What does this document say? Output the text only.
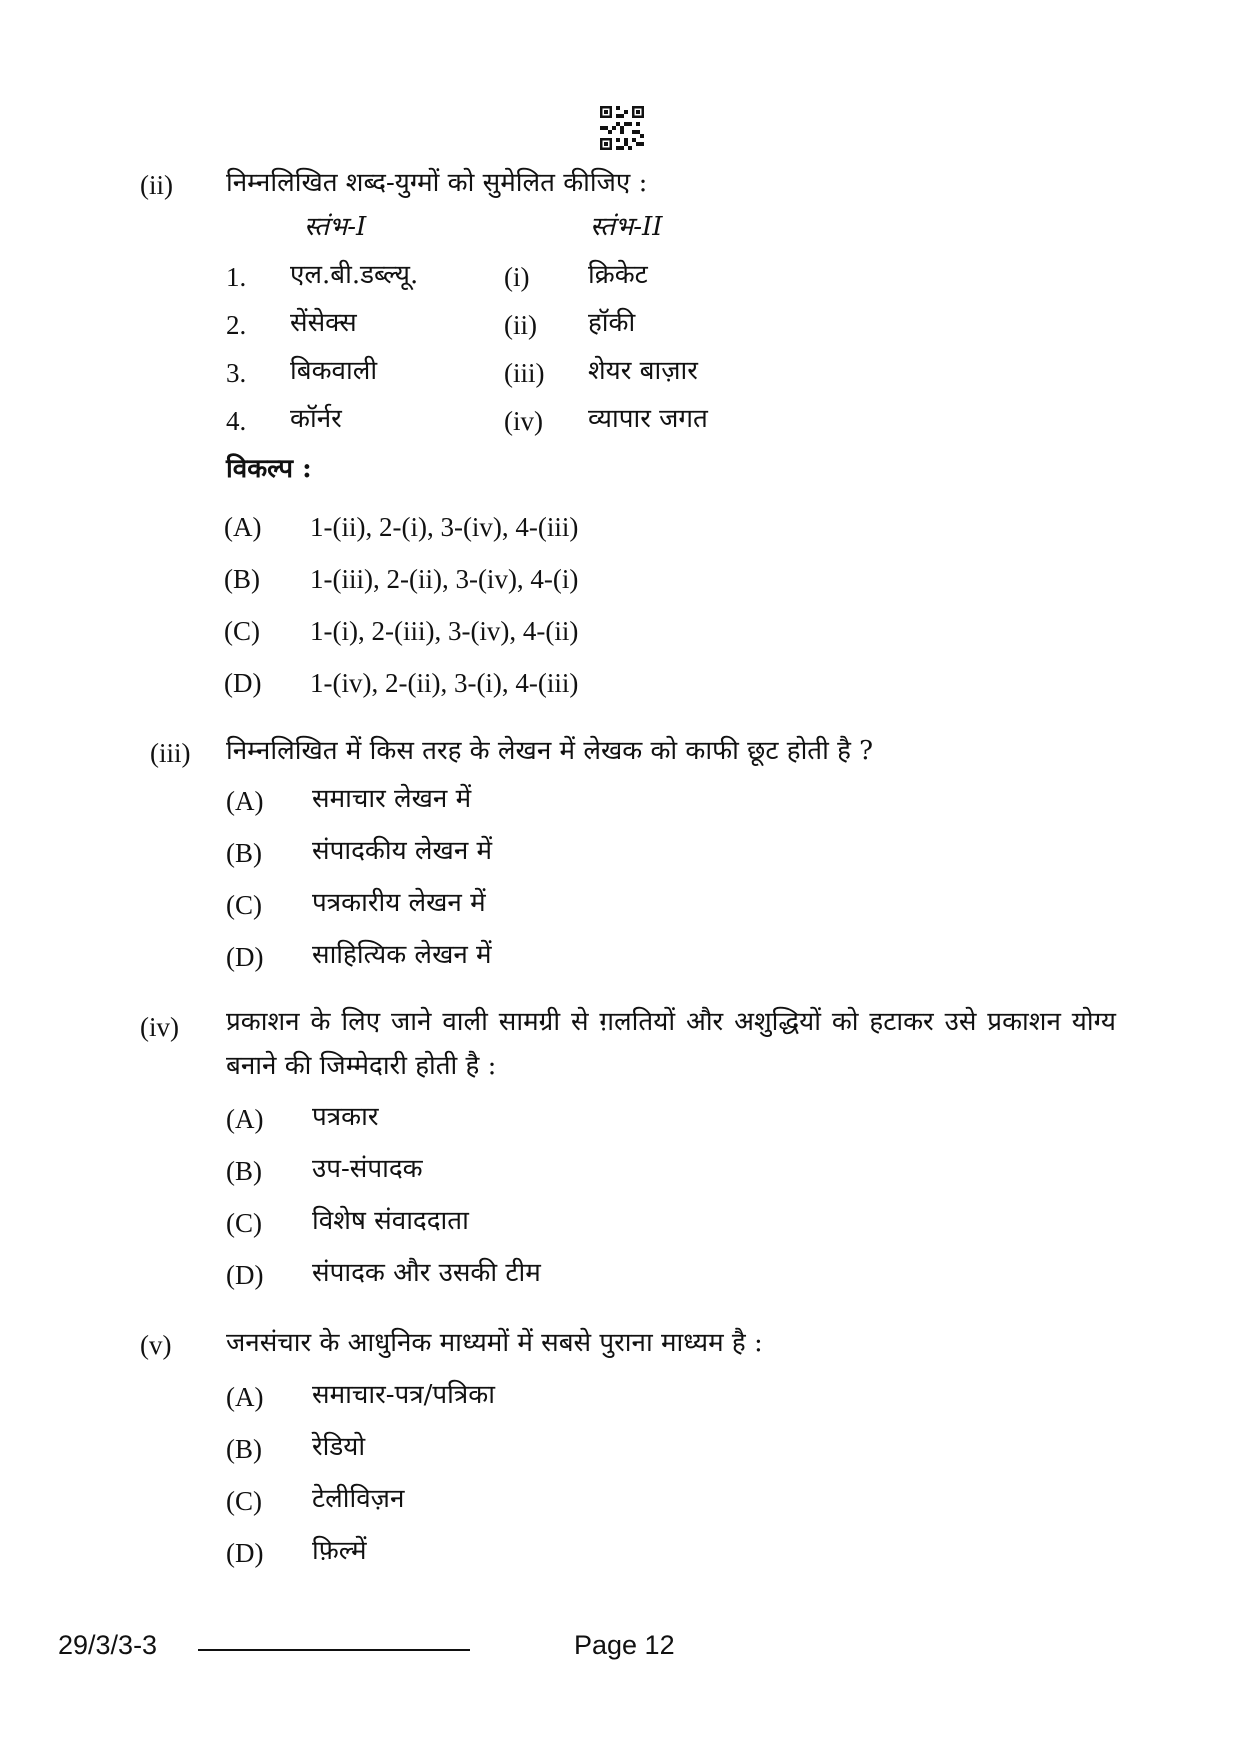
(ii) निम्नलिखित शब्द-युग्मों को सुमेलित कीजिए :
स्तंभ-I	स्तंभ-II
1. एल.बी.डब्ल्यू.	(i) क्रिकेट
2. सेंसेक्स	(ii) हॉकी
3. बिकवाली	(iii) शेयर बाज़ार
4. कॉर्नर	(iv) व्यापार जगत
विकल्प :
(A) 1-(ii), 2-(i), 3-(iv), 4-(iii)
(B) 1-(iii), 2-(ii), 3-(iv), 4-(i)
(C) 1-(i), 2-(iii), 3-(iv), 4-(ii)
(D) 1-(iv), 2-(ii), 3-(i), 4-(iii)
(iii) निम्नलिखित में किस तरह के लेखन में लेखक को काफी छूट होती है ?
(A) समाचार लेखन में
(B) संपादकीय लेखन में
(C) पत्रकारीय लेखन में
(D) साहित्यिक लेखन में
(iv) प्रकाशन के लिए जाने वाली सामग्री से ग़लतियों और अशुद्धियों को हटाकर उसे प्रकाशन योग्य बनाने की जिम्मेदारी होती है :
(A) पत्रकार
(B) उप-संपादक
(C) विशेष संवाददाता
(D) संपादक और उसकी टीम
(v) जनसंचार के आधुनिक माध्यमों में सबसे पुराना माध्यम है :
(A) समाचार-पत्र/पत्रिका
(B) रेडियो
(C) टेलीविज़न
(D) फ़िल्में
29/3/3-3	Page 12
